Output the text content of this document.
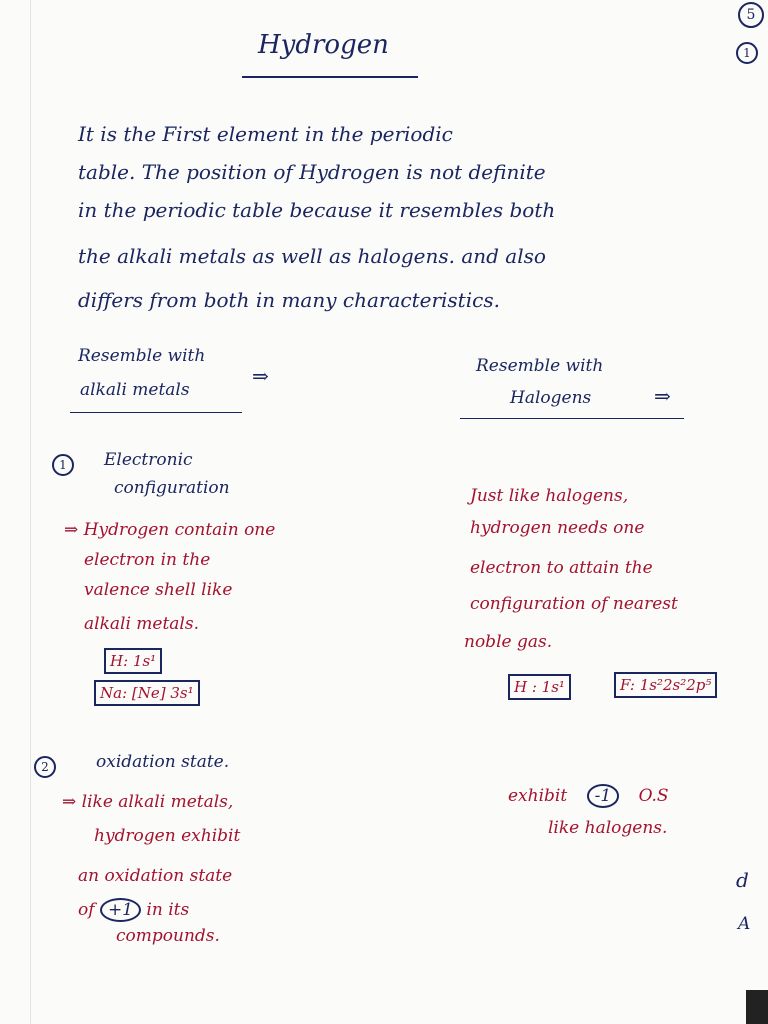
5
1
Hydrogen
It is the First element in the periodic
table. The position of Hydrogen is not definite
in the periodic table because it resembles both
the alkali metals as well as halogens. and also
differs from both in many characteristics.
Resemble with
alkali metals
⇒	Resemble with
Halogens	⇒
1	Electronic
configuration
⇒ Hydrogen contain one
electron in the
valence shell like
alkali metals.
H: 1s¹
Na: [Ne] 3s¹
Just like halogens,
hydrogen needs one
electron to attain the
configuration of nearest
noble gas.
H : 1s¹	F: 1s²2s²2p⁵
2	oxidation state.
⇒ like alkali metals,
hydrogen exhibit
an oxidation state
of +1 in its
compounds.
exhibit -1 O.S
like halogens.
d
A
